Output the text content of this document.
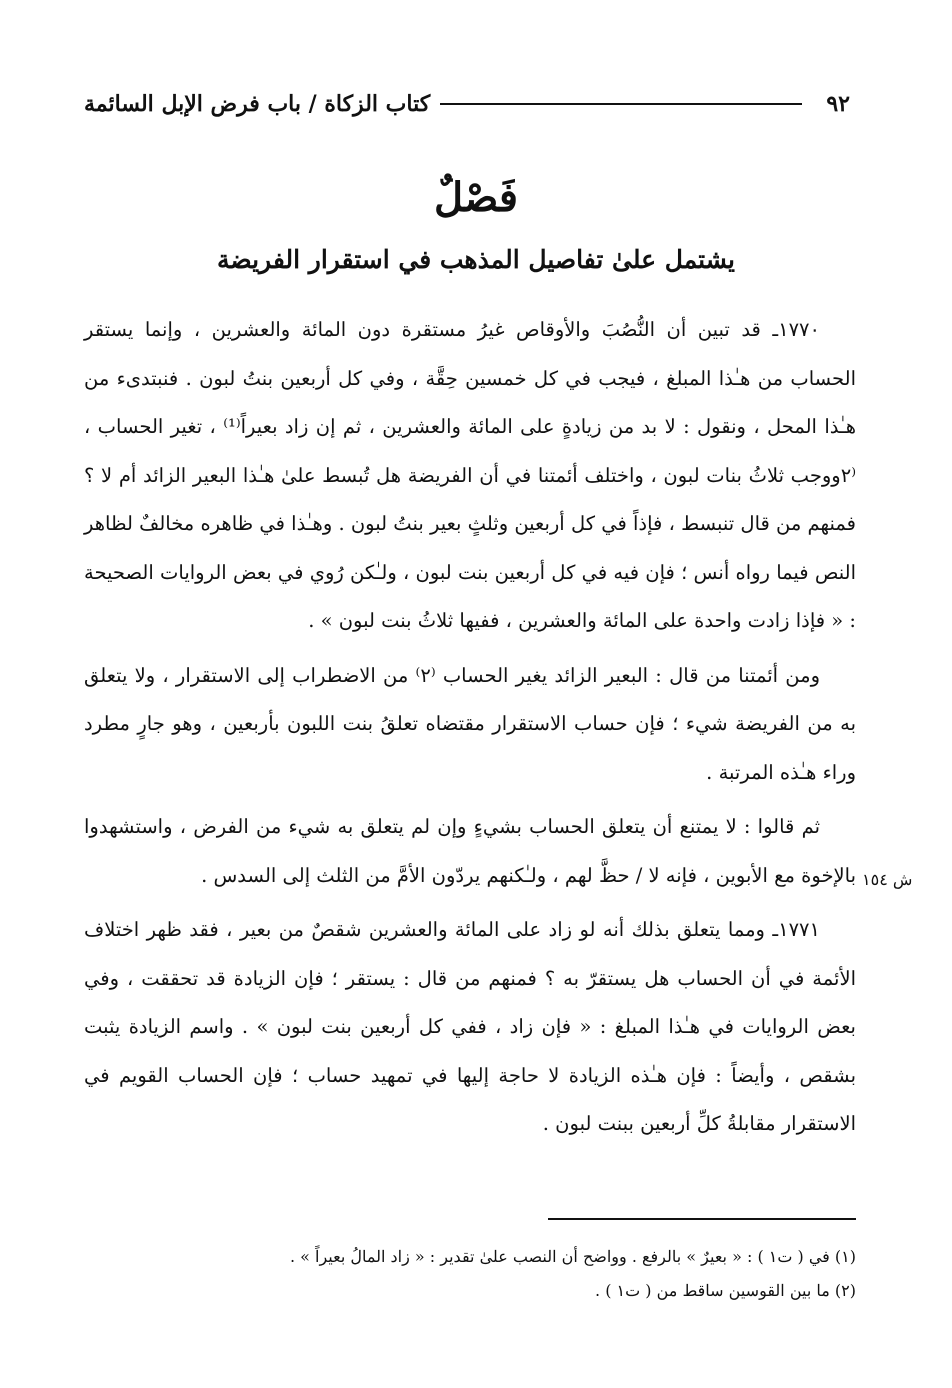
٩٢
كتاب الزكاة / باب فرض الإبل السائمة
فَصْلٌ
يشتمل علىٰ تفاصيل المذهب في استقرار الفريضة

١٧٧٠ـ قد تبين أن النُّصُبَ والأوقاص غيرُ مستقرة دون المائة والعشرين ، وإنما يستقر الحساب من هـٰذا المبلغ ، فيجب في كل خمسين حِقَّة ، وفي كل أربعين بنتُ لبون . فنبتدىء من هـٰذا المحل ، ونقول : لا بد من زيادةٍ على المائة والعشرين ، ثم إن زاد بعيراً⁽¹⁾ ، تغير الحساب ، ⁽٢ووجب ثلاثُ بنات لبون ، واختلف أئمتنا في أن الفريضة هل تُبسط علىٰ هـٰذا البعير الزائد أم لا ؟ فمنهم من قال تنبسط ، فإذاً في كل أربعين وثلثٍ بعير بنتُ لبون . وهـٰذا في ظاهره مخالفٌ لظاهر النص فيما رواه أنس ؛ فإن فيه في كل أربعين بنت لبون ، ولـٰكن رُوي في بعض الروايات الصحيحة : « فإذا زادت واحدة على المائة والعشرين ، ففيها ثلاثُ بنت لبون » .

ومن أئمتنا من قال : البعير الزائد يغير الحساب ⁽٢⁾ من الاضطراب إلى الاستقرار ، ولا يتعلق به من الفريضة شيء ؛ فإن حساب الاستقرار مقتضاه تعلقُ بنت اللبون بأربعين ، وهو جارٍ مطرد وراء هـٰذه المرتبة .

ثم قالوا : لا يمتنع أن يتعلق الحساب بشيءٍ وإن لم يتعلق به شيء من الفرض ، واستشهدوا بالإخوة مع الأبوين ، فإنه لا / حظَّ لهم ، ولـٰكنهم يردّون الأمَّ من الثلث إلى السدس .

١٧٧١ـ ومما يتعلق بذلك أنه لو زاد على المائة والعشرين شقصٌ من بعير ، فقد ظهر اختلاف الأئمة في أن الحساب هل يستقرّ به ؟ فمنهم من قال : يستقر ؛ فإن الزيادة قد تحققت ، وفي بعض الروايات في هـٰذا المبلغ : « فإن زاد ، ففي كل أربعين بنت لبون » . واسم الزيادة يثبت بشقص ، وأيضاً : فإن هـٰذه الزيادة لا حاجة إليها في تمهيد حساب ؛ فإن الحساب القويم في الاستقرار مقابلةُ كلِّ أربعين ببنت لبون .

ش ١٥٤
(١) في ( ت١ ) : « بعيرٌ » بالرفع . وواضح أن النصب علىٰ تقدير : « زاد المالُ بعيراً » .
(٢) ما بين القوسين ساقط من ( ت١ ) .
